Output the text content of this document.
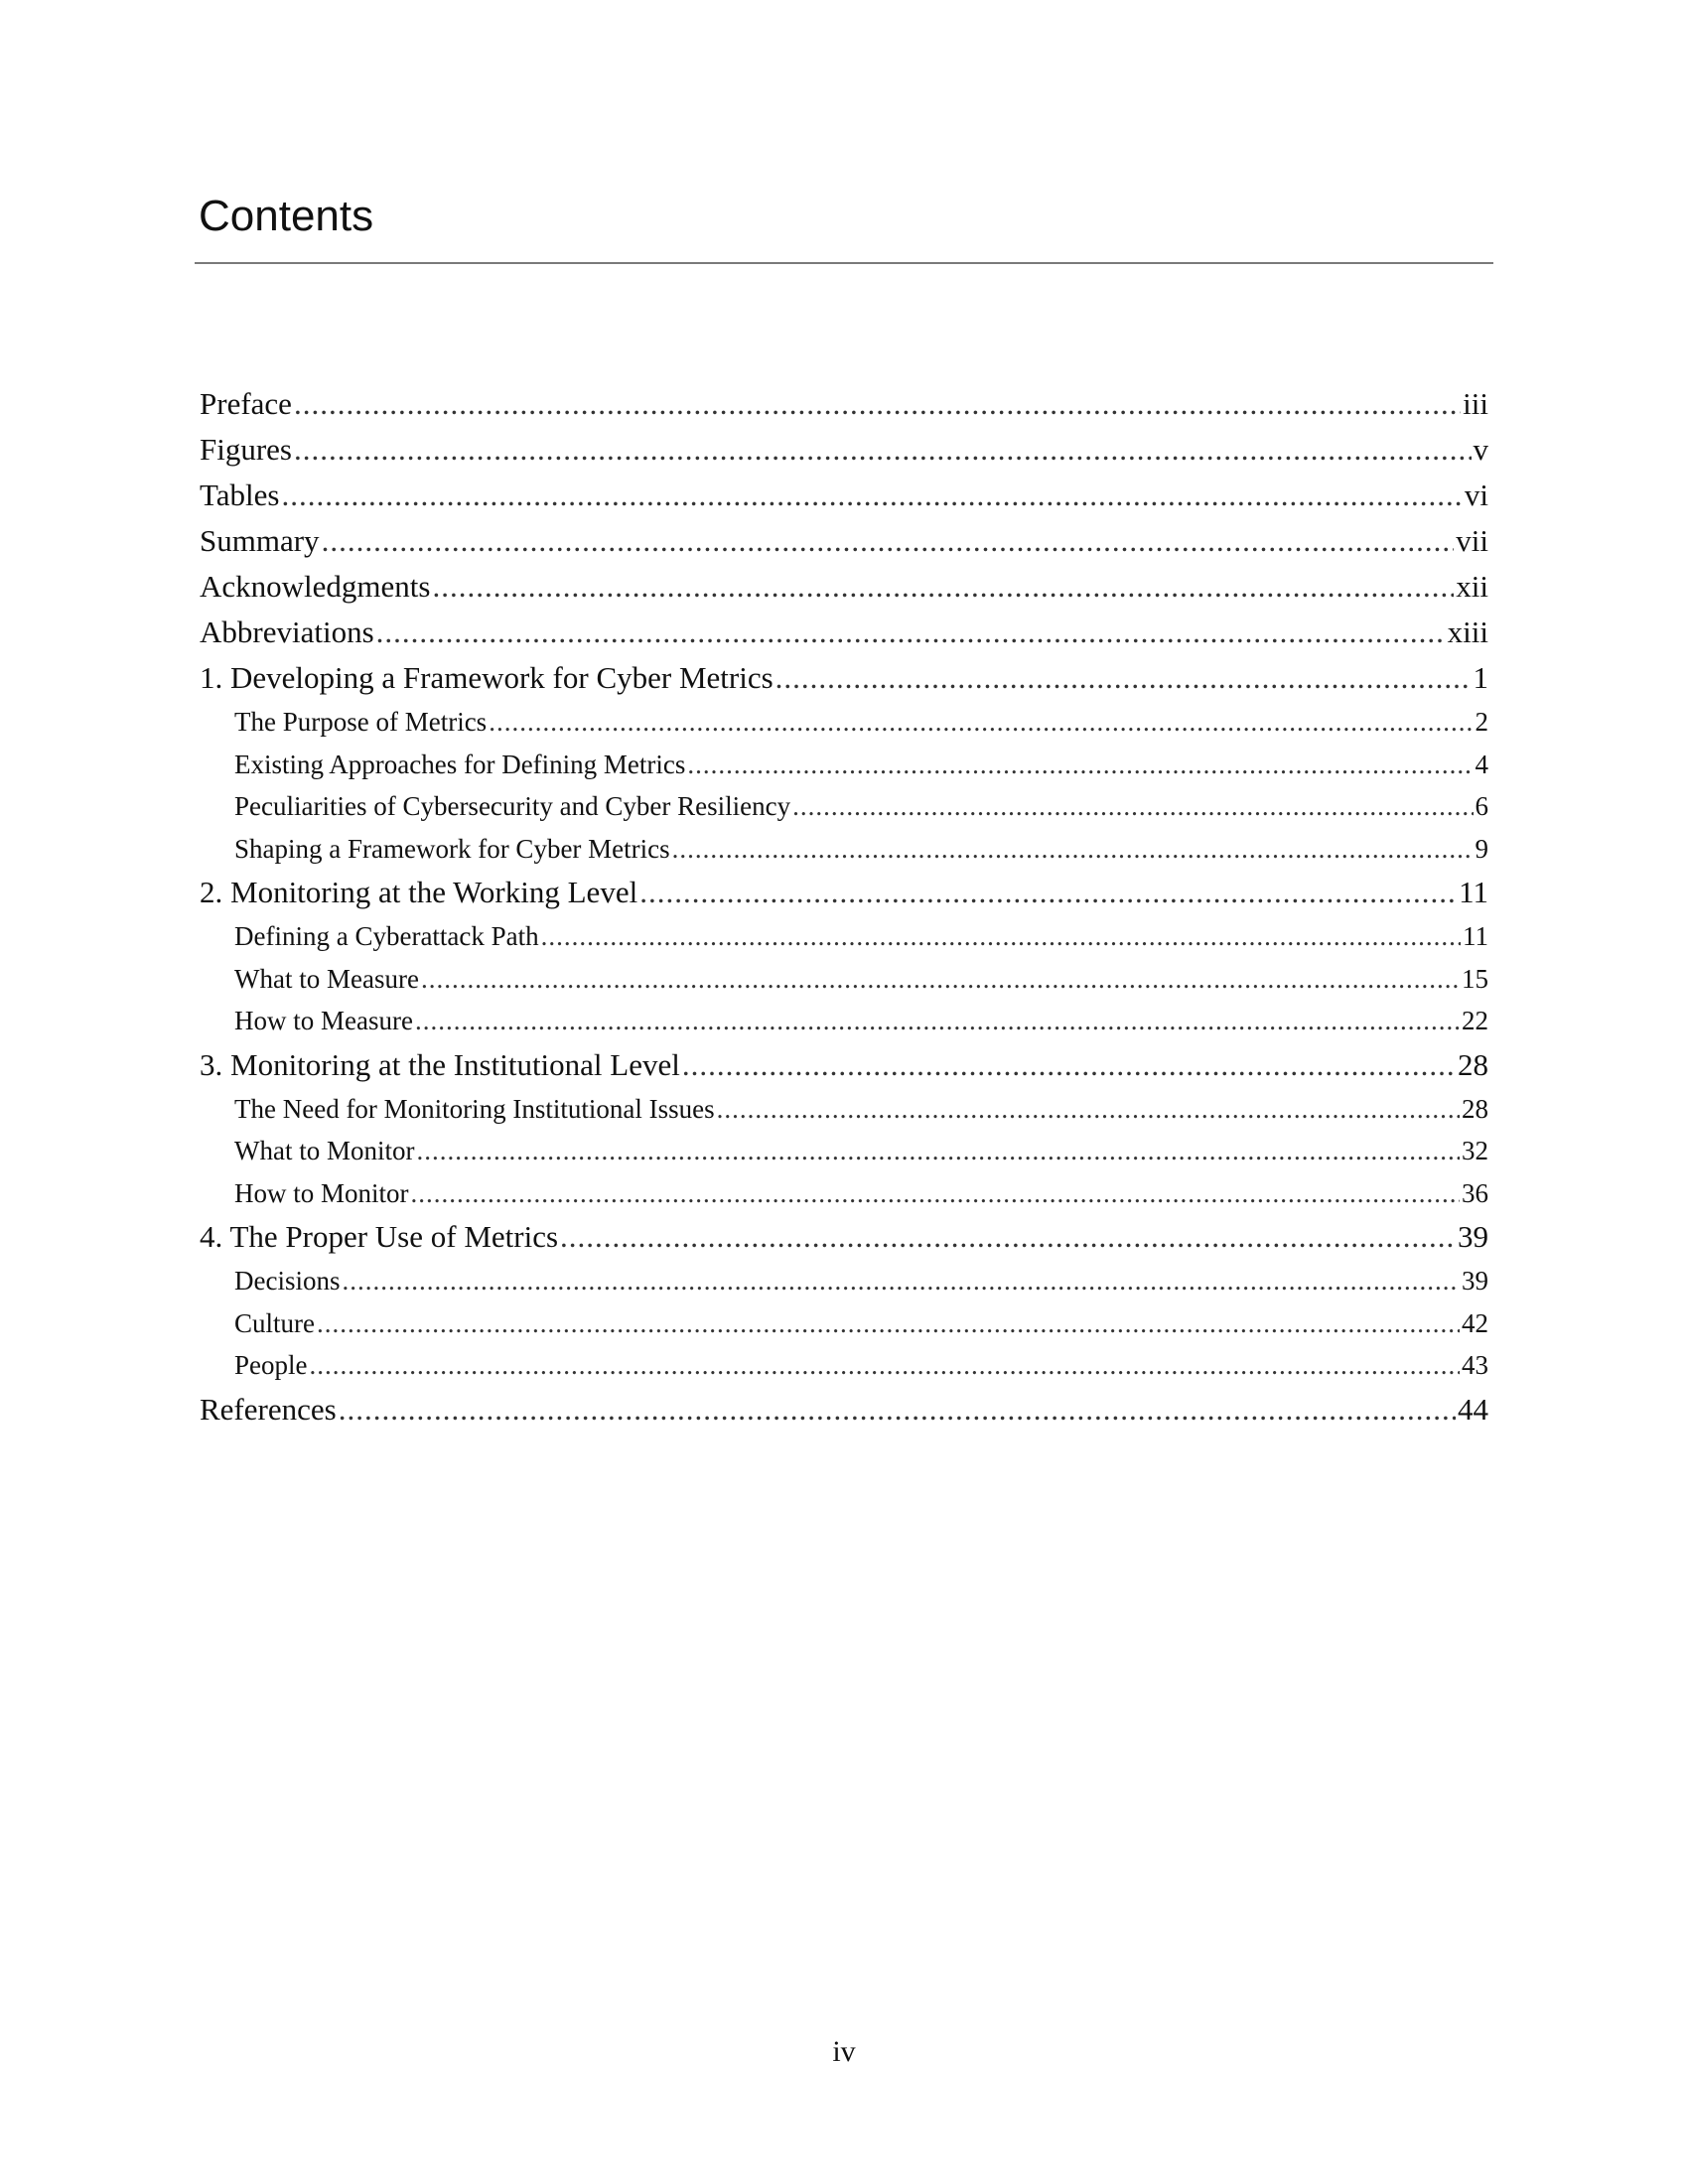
Contents
Preface .....	iii
Figures .....	v
Tables .....	vi
Summary .....	vii
Acknowledgments .....	xii
Abbreviations .....	xiii
1. Developing a Framework for Cyber Metrics .....	1
The Purpose of Metrics .....	2
Existing Approaches for Defining Metrics .....	4
Peculiarities of Cybersecurity and Cyber Resiliency .....	6
Shaping a Framework for Cyber Metrics .....	9
2. Monitoring at the Working Level .....	11
Defining a Cyberattack Path .....	11
What to Measure .....	15
How to Measure .....	22
3. Monitoring at the Institutional Level .....	28
The Need for Monitoring Institutional Issues .....	28
What to Monitor .....	32
How to Monitor .....	36
4. The Proper Use of Metrics .....	39
Decisions .....	39
Culture .....	42
People .....	43
References .....	44
iv
